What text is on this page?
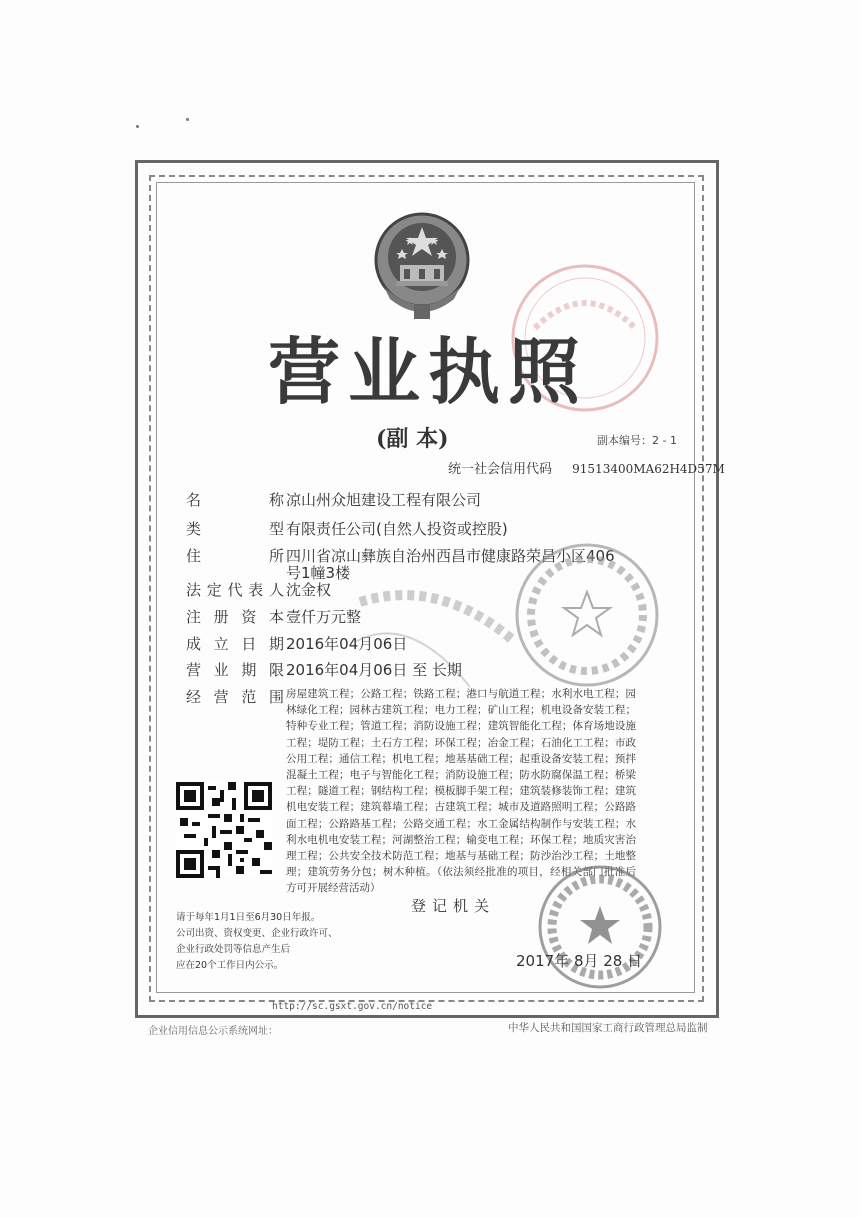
营业执照
(副 本)	副本编号：2 - 1
统一社会信用代码 91513400MA62H4D57M
名 称 凉山州众旭建设工程有限公司
类 型 有限责任公司(自然人投资或控股)
住 所 四川省凉山彝族自治州西昌市健康路荣昌小区406
号1幢3楼
法定代表人 沈金权
注册资本 壹仟万元整
成立日期 2016年04月06日
营业期限 2016年04月06日 至 长期
经营范围 房屋建筑工程；公路工程；铁路工程；港口与航道工程；水利水电工程；园林绿化工程；园林古建筑工程；电力工程；矿山工程；机电设备安装工程；特种专业工程；管道工程；消防设施工程；建筑智能化工程；体育场地设施工程；堤防工程；土石方工程；环保工程；冶金工程；石油化工工程；市政公用工程；通信工程；机电工程；地基基础工程；起重设备安装工程；预拌混凝土工程；电子与智能化工程；消防设施工程；防水防腐保温工程；桥梁工程；隧道工程；钢结构工程；模板脚手架工程；建筑装修装饰工程；建筑机电安装工程；建筑幕墙工程；古建筑工程；城市及道路照明工程；公路路面工程；公路路基工程；公路交通工程；水工金属结构制作与安装工程；水利水电机电安装工程；河湖整治工程；输变电工程；环保工程；地质灾害治理工程；公共安全技术防范工程；地基与基础工程；防沙治沙工程；土地整理；建筑劳务分包；树木种植。（依法须经批准的项目，经相关部门批准后方可开展经营活动）
登记机关
请于每年1月1日至6月30日年报。
公司出资、资权变更、企业行政许可、
企业行政处罚等信息产生后
应在20个工作日内公示。	2017年 8月 28 日
http://sc.gsxt.gov.cn/notice
企业信用信息公示系统网址：	中华人民共和国国家工商行政管理总局监制
